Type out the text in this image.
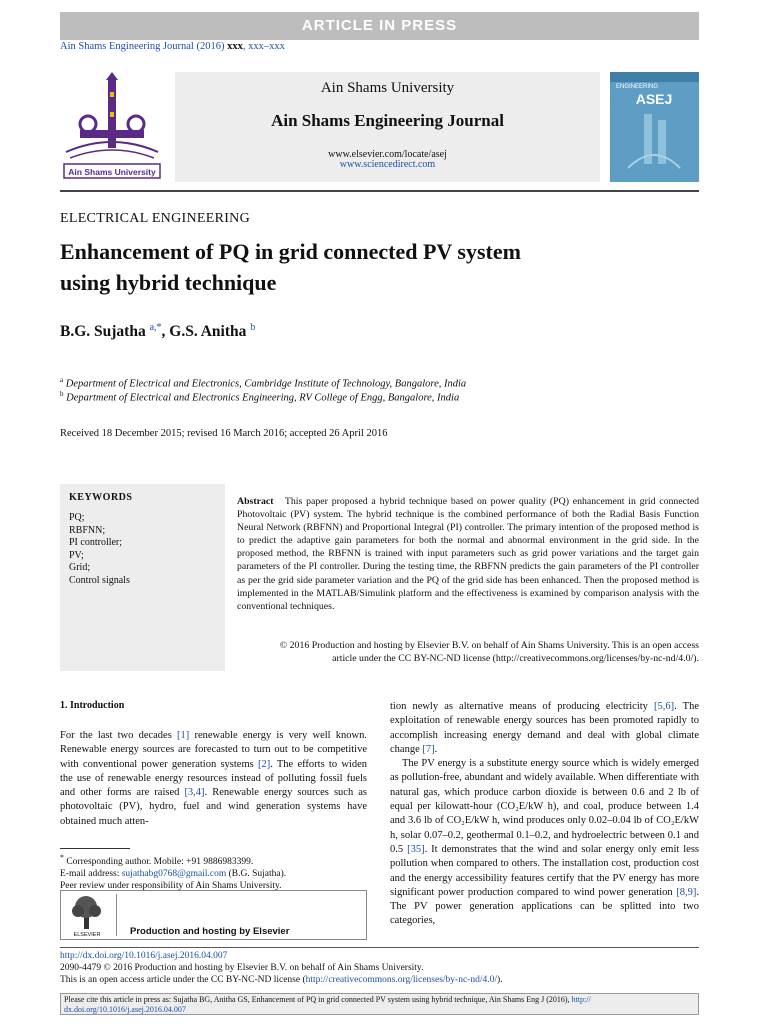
ARTICLE IN PRESS
Ain Shams Engineering Journal (2016) xxx, xxx–xxx
Ain Shams University
Ain Shams University
Ain Shams Engineering Journal
www.elsevier.com/locate/asej
www.sciencedirect.com
ENGINEERING
ASEJ
ELECTRICAL ENGINEERING
Enhancement of PQ in grid connected PV system
using hybrid technique
B.G. Sujatha $^{a,*}$, G.S. Anitha $^b$
$^a$ Department of Electrical and Electronics, Cambridge Institute of Technology, Bangalore, India
$^b$ Department of Electrical and Electronics Engineering, RV College of Engg, Bangalore, India
Received 18 December 2015; revised 16 March 2016; accepted 26 April 2016
KEYWORDS
PQ;
RBFNN;
PI controller;
PV;
Grid;
Control signals
Abstract This paper proposed a hybrid technique based on power quality (PQ) enhancement in grid connected Photovoltaic (PV) system. The hybrid technique is the combined performance of both the Radial Basis Function Neural Network (RBFNN) and Proportional Integral (PI) controller. The primary intention of the proposed method is to predict the adaptive gain parameters for both the normal and abnormal environment in the grid side. In the proposed method, the RBFNN is trained with input parameters such as grid power variations and the target gain parameters of the PI controller. During the testing time, the RBFNN predicts the gain parameters of the PI controller as per the grid side parameter variation and the PQ of the grid side has been enhanced. Then the proposed method is implemented in the MATLAB/Simulink platform and the effectiveness is examined by comparison analysis with the conventional techniques.
© 2016 Production and hosting by Elsevier B.V. on behalf of Ain Shams University. This is an open access
article under the CC BY-NC-ND license (http://creativecommons.org/licenses/by-nc-nd/4.0/).
1. Introduction
For the last two decades [1] renewable energy is very well known. Renewable energy sources are forecasted to turn out to be competitive with conventional power generation systems [2]. The efforts to widen the use of renewable energy resources instead of polluting fossil fuels and other forms are raised [3,4]. Renewable energy sources such as photovoltaic (PV), hydro, fuel and wind generation systems have obtained much atten-

tion newly as alternative means of producing electricity [5,6]. The exploitation of renewable energy sources has been promoted rapidly to accomplish increasing energy demand and deal with global climate change [7].

The PV energy is a substitute energy source which is widely emerged as pollution-free, abundant and widely available. When differentiate with natural gas, which produce carbon dioxide is between 0.6 and 2 lb of equal per kilowatt-hour (CO₂E/kW h), and coal, produce between 1.4 and 3.6 lb of CO₂E/kW h, wind produces only 0.02–0.04 lb of CO₂E/kW h, solar 0.07–0.2, geothermal 0.1–0.2, and hydroelectric between 0.1 and 0.5 [35]. It demonstrates that the wind and solar energy only emit less pollution when compared to others. The installation cost, production cost and the energy accessibility features certify that the PV energy has more significant power production compared to wind power generation [8,9]. The PV power generation applications can be splitted into two categories,

* Corresponding author. Mobile: +91 9886983399.
E-mail address: sujathabg0768@gmail.com (B.G. Sujatha).
Peer review under responsibility of Ain Shams University.
ELSEVIER	Production and hosting by Elsevier
http://dx.doi.org/10.1016/j.asej.2016.04.007
2090-4479 © 2016 Production and hosting by Elsevier B.V. on behalf of Ain Shams University.
This is an open access article under the CC BY-NC-ND license (http://creativecommons.org/licenses/by-nc-nd/4.0/).
Please cite this article in press as: Sujatha BG, Anitha GS, Enhancement of PQ in grid connected PV system using hybrid technique, Ain Shams Eng J (2016), http://
dx.doi.org/10.1016/j.asej.2016.04.007
